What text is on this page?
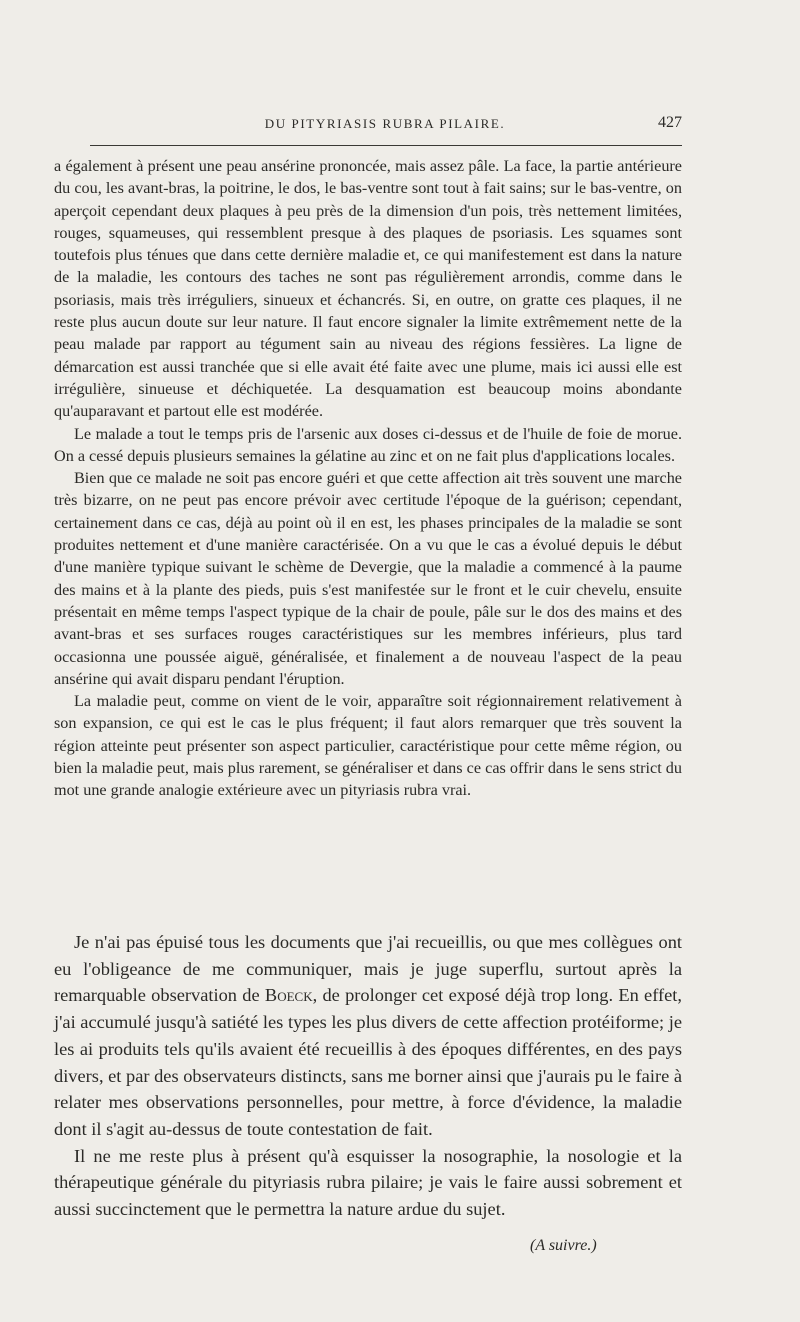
DU PITYRIASIS RUBRA PILAIRE.	427

a également à présent une peau ansérine prononcée, mais assez pâle. La face, la partie antérieure du cou, les avant-bras, la poitrine, le dos, le bas-ventre sont tout à fait sains; sur le bas-ventre, on aperçoit cependant deux plaques à peu près de la dimension d'un pois, très nettement limitées, rouges, squameuses, qui ressemblent presque à des plaques de psoriasis. Les squames sont toutefois plus ténues que dans cette dernière maladie et, ce qui manifestement est dans la nature de la maladie, les contours des taches ne sont pas régulièrement arrondis, comme dans le psoriasis, mais très irréguliers, sinueux et échancrés. Si, en outre, on gratte ces plaques, il ne reste plus aucun doute sur leur nature. Il faut encore signaler la limite extrêmement nette de la peau malade par rapport au tégument sain au niveau des régions fessières. La ligne de démarcation est aussi tranchée que si elle avait été faite avec une plume, mais ici aussi elle est irrégulière, sinueuse et déchiquetée. La desquamation est beaucoup moins abondante qu'auparavant et partout elle est modérée.

Le malade a tout le temps pris de l'arsenic aux doses ci-dessus et de l'huile de foie de morue. On a cessé depuis plusieurs semaines la gélatine au zinc et on ne fait plus d'applications locales.

Bien que ce malade ne soit pas encore guéri et que cette affection ait très souvent une marche très bizarre, on ne peut pas encore prévoir avec certitude l'époque de la guérison; cependant, certainement dans ce cas, déjà au point où il en est, les phases principales de la maladie se sont produites nettement et d'une manière caractérisée. On a vu que le cas a évolué depuis le début d'une manière typique suivant le schème de Devergie, que la maladie a commencé à la paume des mains et à la plante des pieds, puis s'est manifestée sur le front et le cuir chevelu, ensuite présentait en même temps l'aspect typique de la chair de poule, pâle sur le dos des mains et des avant-bras et ses surfaces rouges caractéristiques sur les membres inférieurs, plus tard occasionna une poussée aiguë, généralisée, et finalement a de nouveau l'aspect de la peau ansérine qui avait disparu pendant l'éruption.

La maladie peut, comme on vient de le voir, apparaître soit régionnairement relativement à son expansion, ce qui est le cas le plus fréquent; il faut alors remarquer que très souvent la région atteinte peut présenter son aspect particulier, caractéristique pour cette même région, ou bien la maladie peut, mais plus rarement, se généraliser et dans ce cas offrir dans le sens strict du mot une grande analogie extérieure avec un pityriasis rubra vrai.

Je n'ai pas épuisé tous les documents que j'ai recueillis, ou que mes collègues ont eu l'obligeance de me communiquer, mais je juge superflu, surtout après la remarquable observation de Boeck, de prolonger cet exposé déjà trop long. En effet, j'ai accumulé jusqu'à satiété les types les plus divers de cette affection protéiforme; je les ai produits tels qu'ils avaient été recueillis à des époques différentes, en des pays divers, et par des observateurs distincts, sans me borner ainsi que j'aurais pu le faire à relater mes observations personnelles, pour mettre, à force d'évidence, la maladie dont il s'agit au-dessus de toute contestation de fait.

Il ne me reste plus à présent qu'à esquisser la nosographie, la nosologie et la thérapeutique générale du pityriasis rubra pilaire; je vais le faire aussi sobrement et aussi succinctement que le permettra la nature ardue du sujet.

(A suivre.)
